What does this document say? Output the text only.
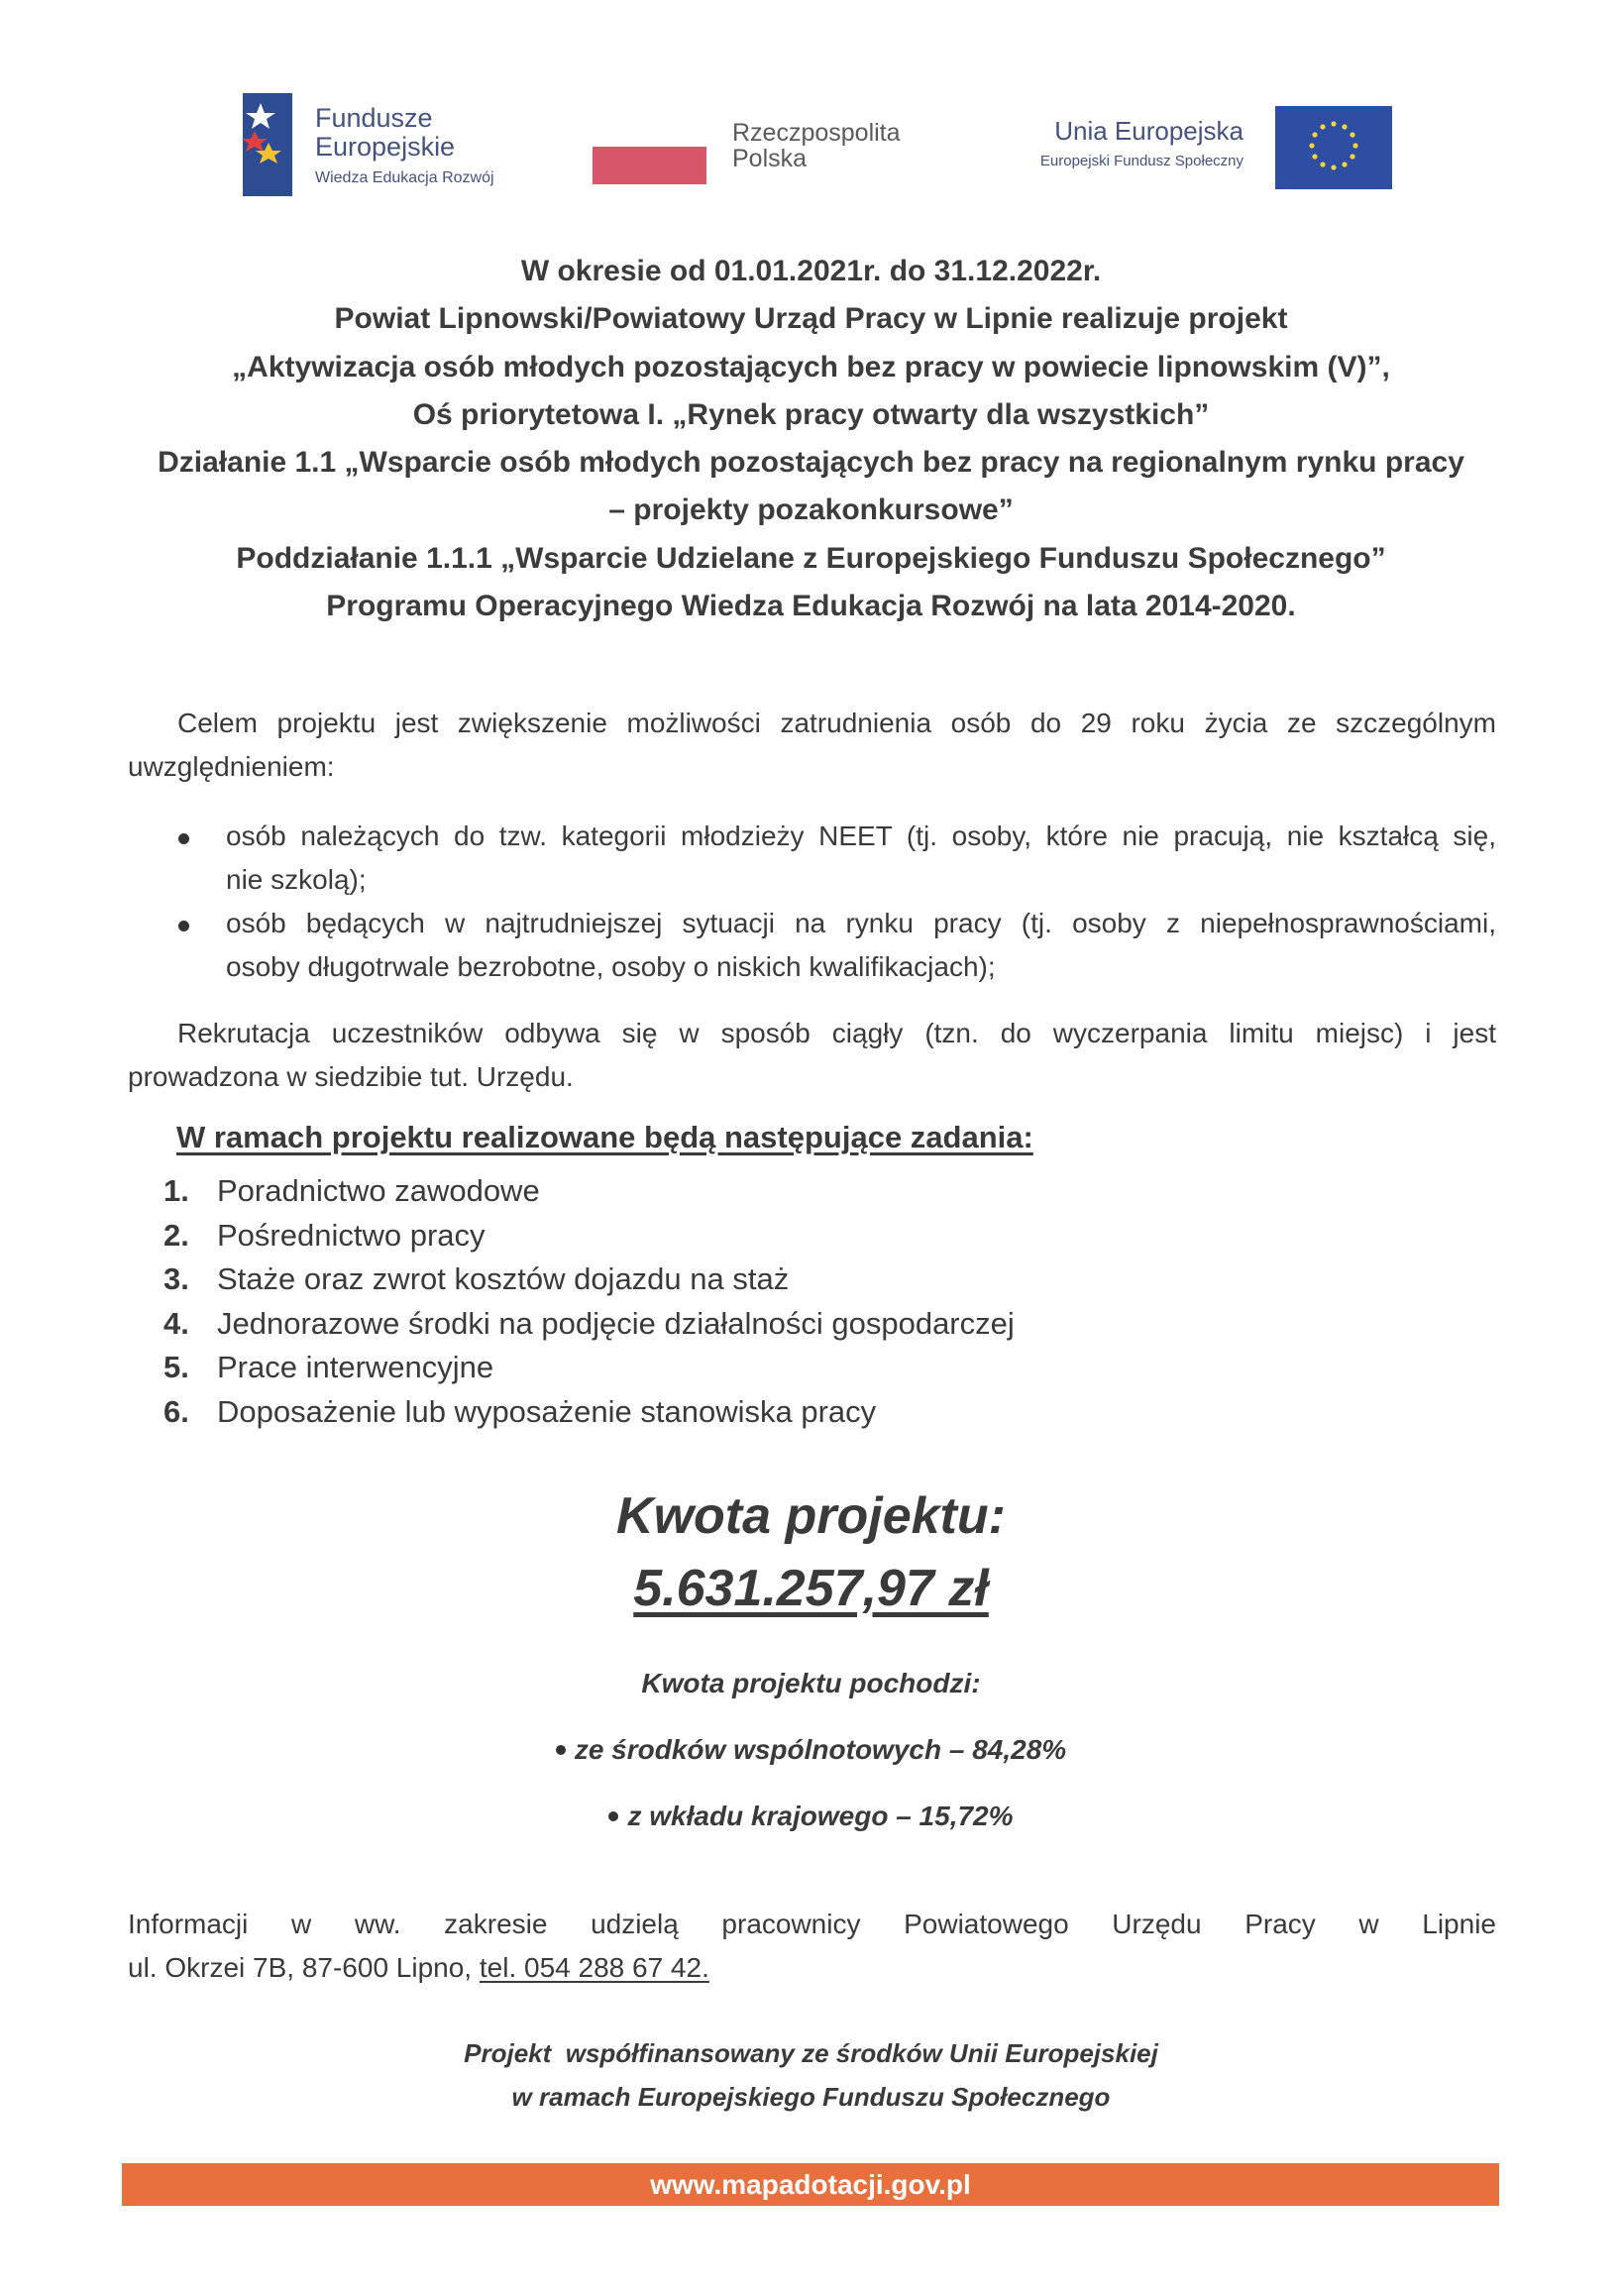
Fundusze
Europejskie
Wiedza Edukacja Rozwój
Rzeczpospolita
Polska
Unia Europejska
Europejski Fundusz Społeczny
W okresie od 01.01.2021r. do 31.12.2022r.
Powiat Lipnowski/Powiatowy Urząd Pracy w Lipnie realizuje projekt
„Aktywizacja osób młodych pozostających bez pracy w powiecie lipnowskim (V)”,
Oś priorytetowa I. „Rynek pracy otwarty dla wszystkich”
Działanie 1.1 „Wsparcie osób młodych pozostających bez pracy na regionalnym rynku pracy
– projekty pozakonkursowe”
Poddziałanie 1.1.1 „Wsparcie Udzielane z Europejskiego Funduszu Społecznego”
Programu Operacyjnego Wiedza Edukacja Rozwój na lata 2014-2020.
Celem projektu jest zwiększenie możliwości zatrudnienia osób do 29 roku życia ze szczególnym
uwzględnieniem:
osób należących do tzw. kategorii młodzieży NEET (tj. osoby, które nie pracują, nie kształcą się,
nie szkolą);
osób będących w najtrudniejszej sytuacji na rynku pracy (tj. osoby z niepełnosprawnościami,
osoby długotrwale bezrobotne, osoby o niskich kwalifikacjach);
Rekrutacja uczestników odbywa się w sposób ciągły (tzn. do wyczerpania limitu miejsc) i jest
prowadzona w siedzibie tut. Urzędu.
W ramach projektu realizowane będą następujące zadania:
1. Poradnictwo zawodowe
2. Pośrednictwo pracy
3. Staże oraz zwrot kosztów dojazdu na staż
4. Jednorazowe środki na podjęcie działalności gospodarczej
5. Prace interwencyjne
6. Doposażenie lub wyposażenie stanowiska pracy
Kwota projektu:
5.631.257,97 zł
Kwota projektu pochodzi:
ze środków wspólnotowych – 84,28%
z wkładu krajowego – 15,72%
Informacji w ww. zakresie udzielą pracownicy Powiatowego Urzędu Pracy w Lipnie
ul. Okrzei 7B, 87-600 Lipno, tel. 054 288 67 42.
Projekt  współfinansowany ze środków Unii Europejskiej
w ramach Europejskiego Funduszu Społecznego
www.mapadotacji.gov.pl
